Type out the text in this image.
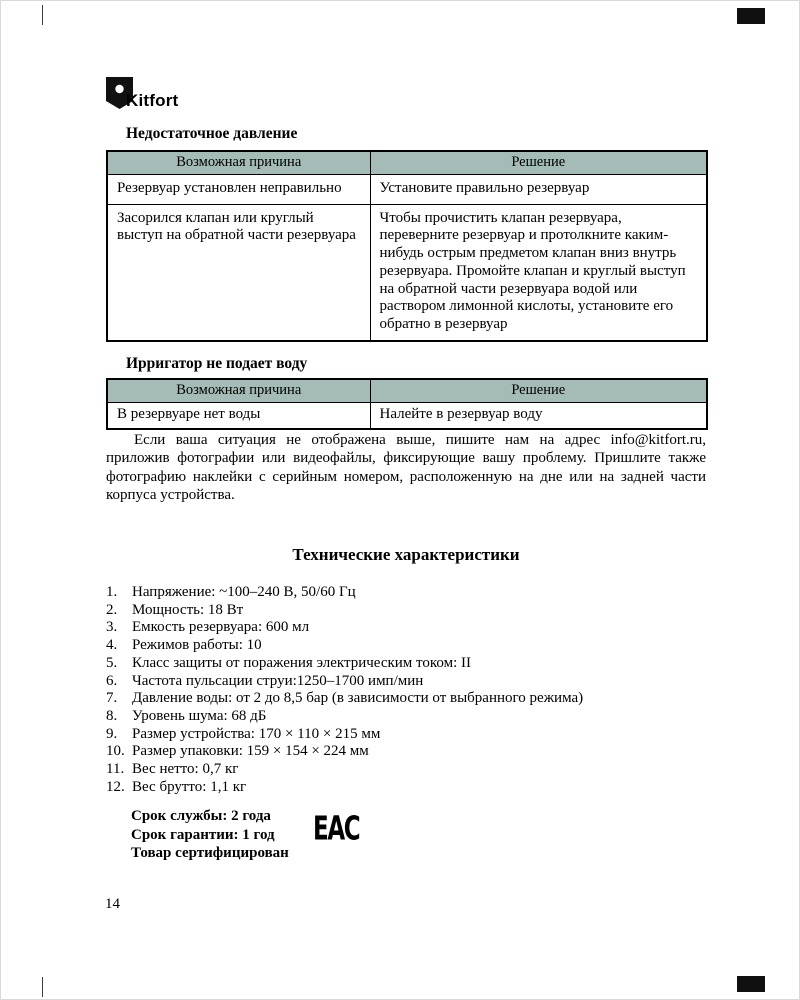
Kitfort
Недостаточное давление
Возможная причина	Решение
Резервуар установлен неправильно	Установите правильно резервуар
Засорился клапан или круглый выступ на обратной части резервуара	Чтобы прочистить клапан резервуара, переверните резервуар и протолкните каким-нибудь острым предметом клапан вниз внутрь резервуара. Промойте клапан и круглый выступ на обратной части резервуара водой или раствором лимонной кислоты, установите его обратно в резервуар
Ирригатор не подает воду
Возможная причина	Решение
В резервуаре нет воды	Налейте в резервуар воду

Если ваша ситуация не отображена выше, пишите нам на адрес info@kitfort.ru, приложив фотографии или видеофайлы, фиксирующие вашу проблему. Пришлите также фотографию наклейки с серийным номером, расположенную на дне или на задней части корпуса устройства.

Технические характеристики
1. Напряжение: ~100–240 В, 50/60 Гц
2. Мощность: 18 Вт
3. Емкость резервуара: 600 мл
4. Режимов работы: 10
5. Класс защиты от поражения электрическим током: II
6. Частота пульсации струи:1250–1700 имп/мин
7. Давление воды: от 2 до 8,5 бар (в зависимости от выбранного режима)
8. Уровень шума: 68 дБ
9. Размер устройства: 170 × 110 × 215 мм
10. Размер упаковки: 159 × 154 × 224 мм
11. Вес нетто: 0,7 кг
12. Вес брутто: 1,1 кг
Срок службы: 2 года
Срок гарантии: 1 год
Товар сертифицирован
ЕАС
14
